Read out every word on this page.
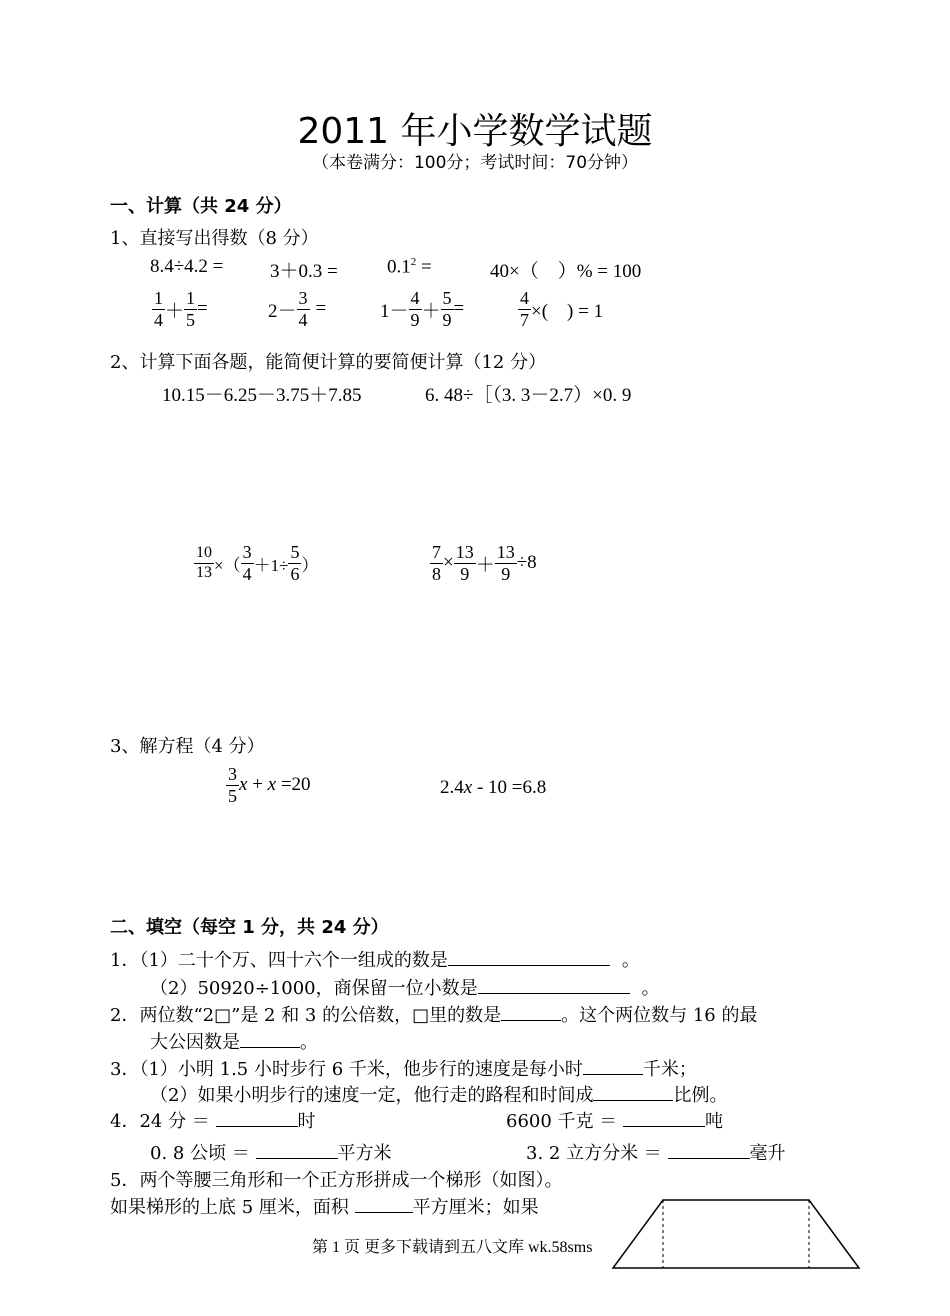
2011 年小学数学试题
（本卷满分：100分；考试时间：70分钟）
一、计算（共 24 分）
1、直接写出得数（8 分）
8.4÷4.2 = 3＋0.3 =	$0.1^2$ =	40×（　）% = 100
$\frac{1}{4} + \frac{1}{5}$ =	$2- \frac{3}{4}$ =	$1- \frac{4}{9} + \frac{5}{9}$ =	$\frac{4}{7}$ ×(　) = 1
2、计算下面各题，能简便计算的要简便计算（12 分）
10.15－6.25－3.75＋7.85	6. 48÷［（3. 3－2.7）×0. 9
$\frac{10}{13}$ ×（ $\frac{3}{4} +1\div \frac{5}{6}$ ）	$\frac{7}{8} \times \frac{13}{9} + \frac{13}{9} \div 8$
3、解方程（4 分）
$\frac{3}{5}$ x + x =20	2.4x - 10 =6.8
二、填空（每空 1 分，共 24 分）
1．（1）二十个万、四十六个一组成的数是	。
（2）50920÷1000，商保留一位小数是	。
2．两位数“2□”是 2 和 3 的公倍数，□里的数是	。这个两位数与 16 的最
大公因数是	。
3．（1）小明 1.5 小时步行 6 千米，他步行的速度是每小时	千米；
（2）如果小明步行的速度一定，他行走的路程和时间成	比例。
4．24 分 ＝	时	6600 千克 ＝	吨
0. 8 公顷 ＝	平方米	3. 2 立方分米 ＝	毫升
5．两个等腰三角形和一个正方形拼成一个梯形（如图）。
如果梯形的上底 5 厘米，面积	平方厘米；如果
第 1 页 更多下载请到五八文库 wk.58sms
